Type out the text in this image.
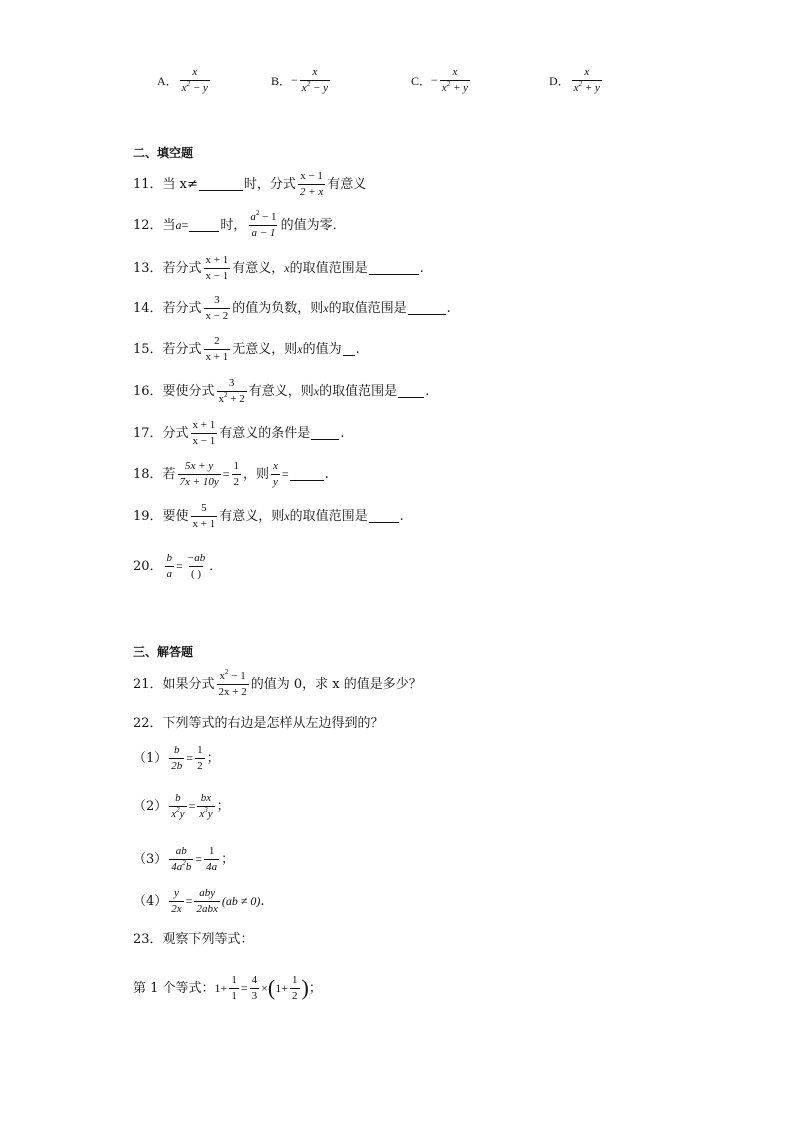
A． $\frac{x}{x^2 - y}$	B． − $\frac{x}{x^2 - y}$	C． − $\frac{x}{x^2 + y}$	D． $\frac{x}{x^2 + y}$
二、填空题
11．当 x≠	时，分式 $\frac{x - 1}{2 + x}$ 有意义
12．当 a = 时， $\frac{a^2 - 1}{a - 1}$ 的值为零．
13．若分式 $\frac{x + 1}{x - 1}$ 有意义， x 的取值范围是	.
14．若分式 $\frac{3}{x - 2}$ 的值为负数，则 x 的取值范围是	.
15．若分式 $\frac{2}{x + 1}$ 无意义，则 x 的值为 .
16．要使分式 $\frac{3}{x^2 + 2}$ 有意义，则 x 的取值范围是 .
17．分式 $\frac{x + 1}{x - 1}$ 有意义的条件是 .
18．若 $\frac{5x + y}{7x + 10y} = \frac{1}{2}$ ，则 $\frac{x}{y}$ =	.
19．要使 $\frac{5}{x + 1}$ 有意义，则 x 的取值范围是 .
20． $\frac{b}{a} = \frac{-ab}{( )}$ ．
三、解答题
21．如果分式 $\frac{x^2 - 1}{2x + 2}$ 的值为 0，求 x 的值是多少？
22．下列等式的右边是怎样从左边得到的？
$(1) \frac{b}{2b} = \frac{1}{2}$ ；
$(2) \frac{b}{x^2y} = \frac{bx}{x^3y}$ ；
$(3) \frac{ab}{4a^2b} = \frac{1}{4a}$ ；
$(4) \frac{y}{2x} = \frac{\text{aby}}{\text{2abx}} (ab \ne 0)$ .
23．观察下列等式：
第 1 个等式： $1+ \frac{1}{1} = \frac{4}{3}$ × ( $1+ \frac{1}{2}$ ) ；
